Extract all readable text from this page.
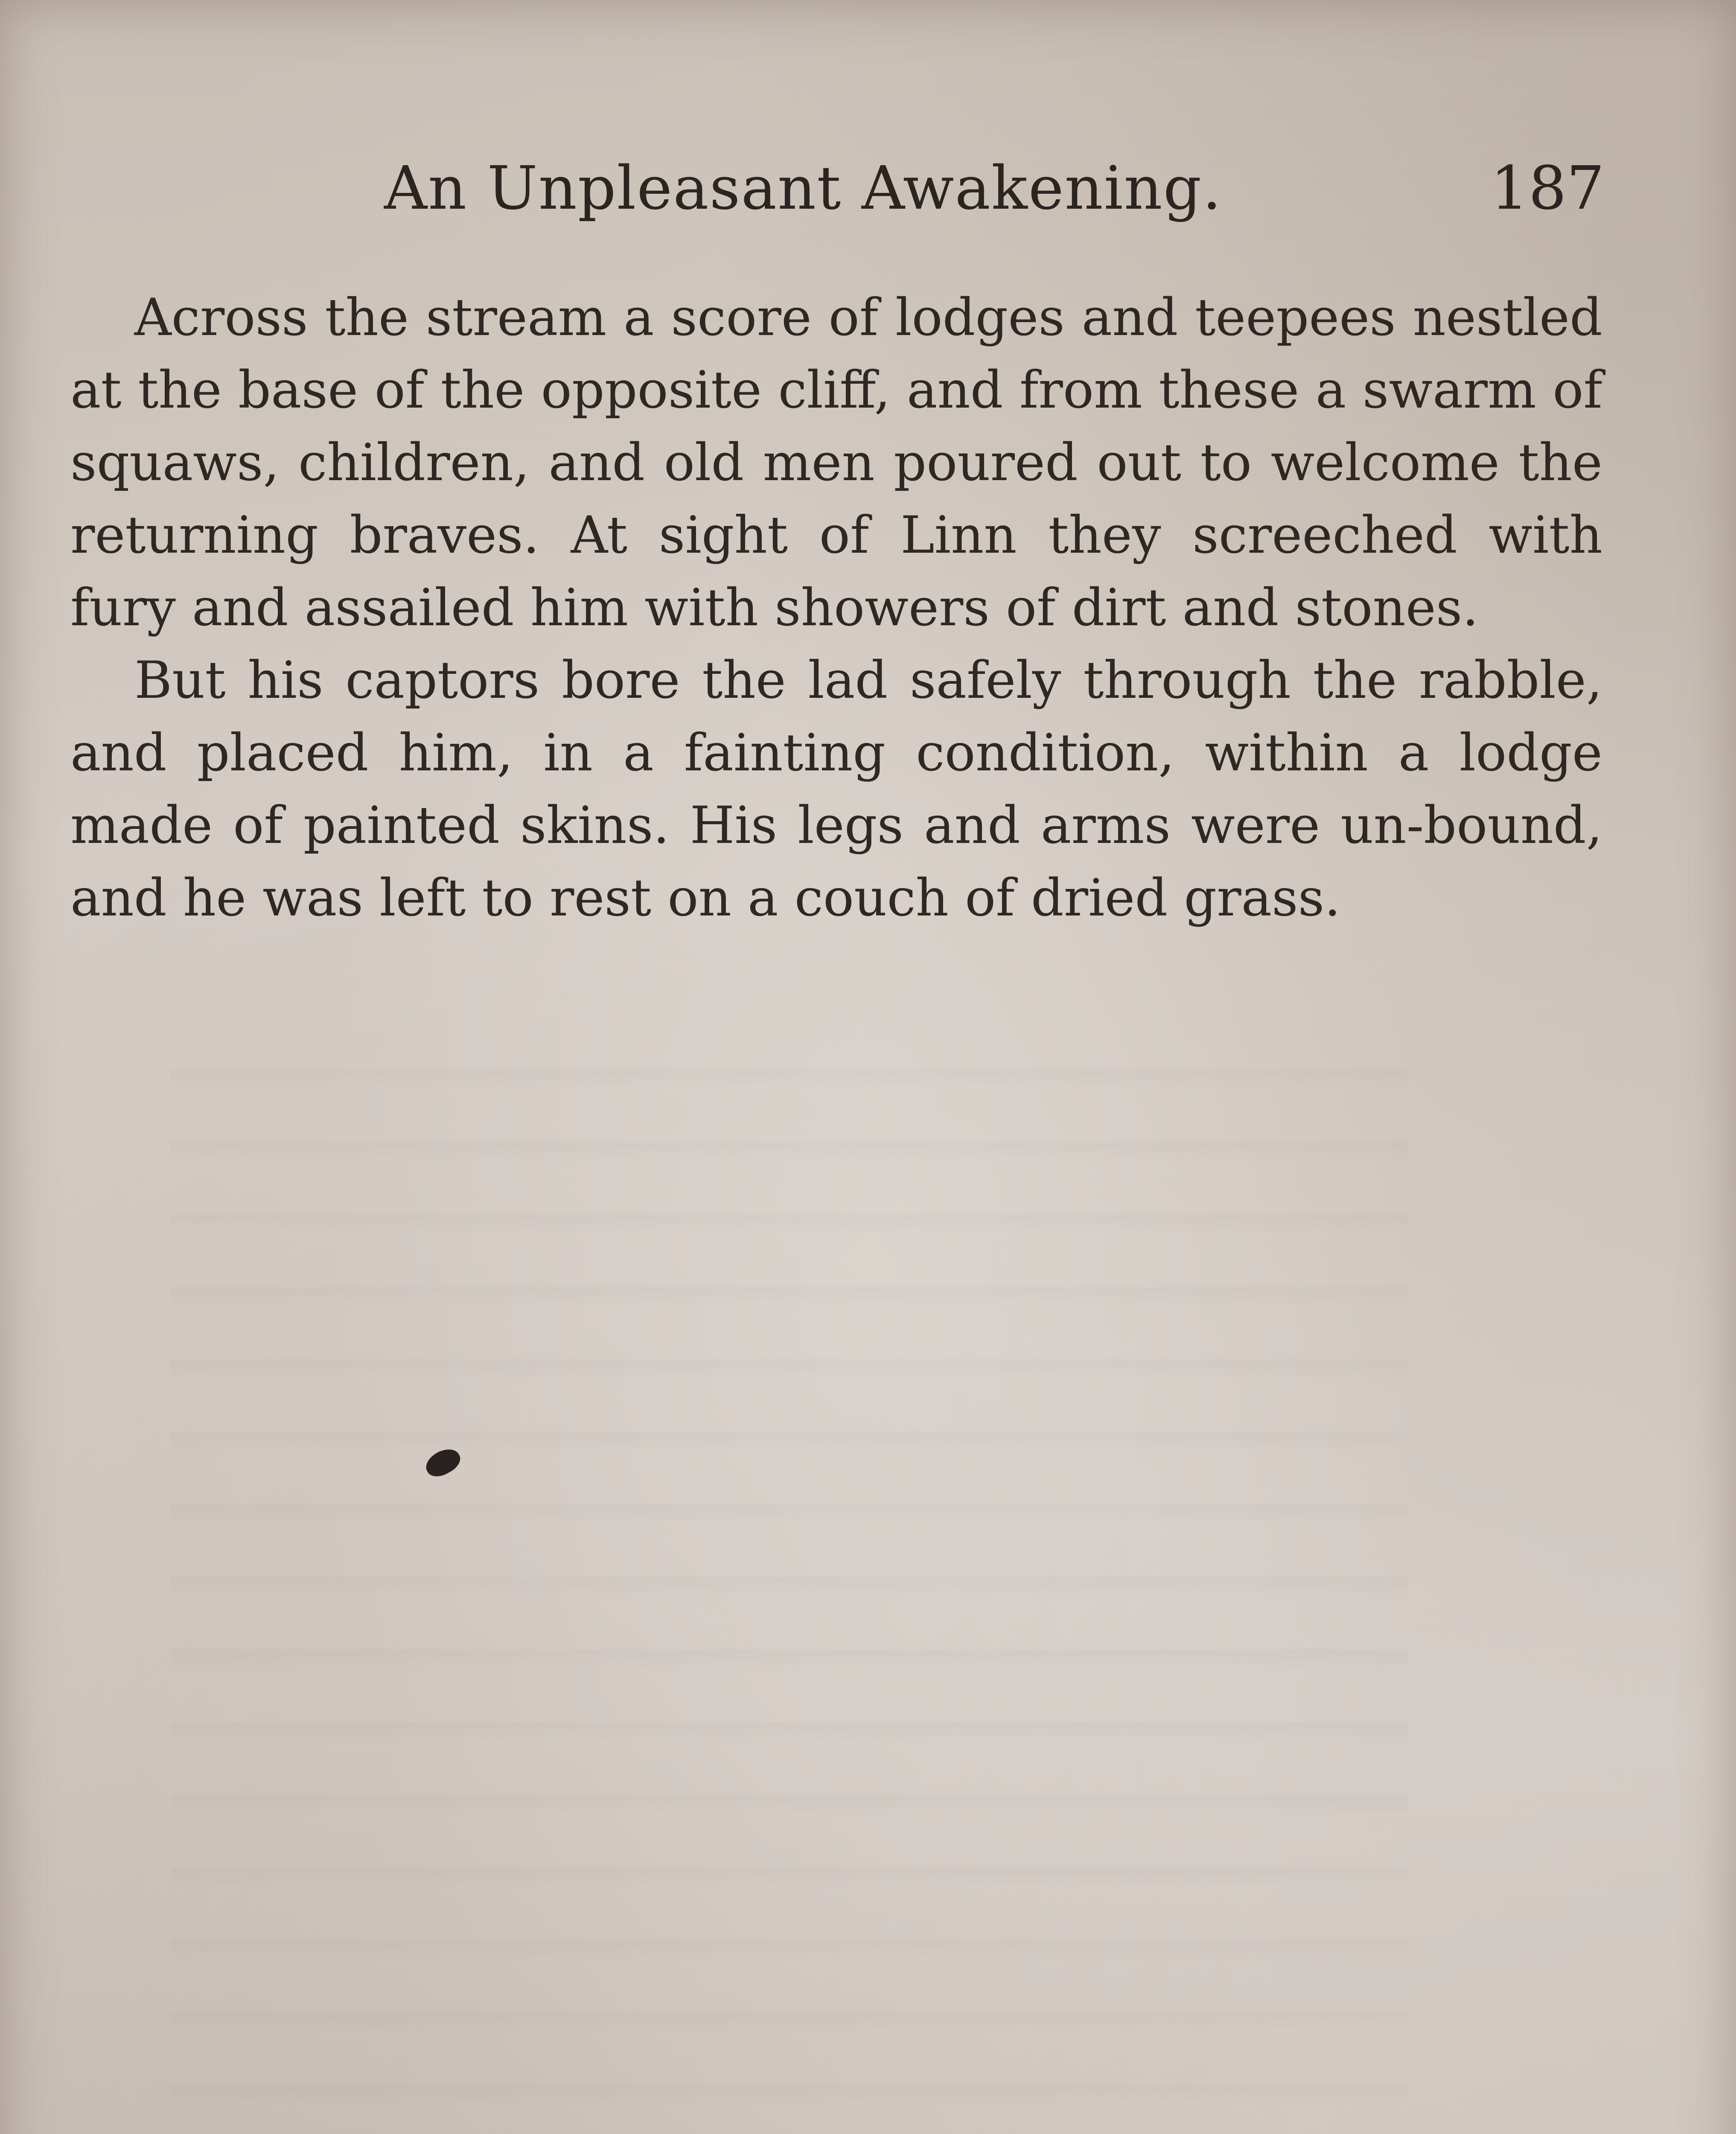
An Unpleasant Awakening.	187

Across the stream a score of lodges and teepees nestled at the base of the opposite cliff, and from these a swarm of squaws, children, and old men poured out to welcome the returning braves. At sight of Linn they screeched with fury and assailed him with showers of dirt and stones.

But his captors bore the lad safely through the rabble, and placed him, in a fainting condition, within a lodge made of painted skins. His legs and arms were un-bound, and he was left to rest on a couch of dried grass.
